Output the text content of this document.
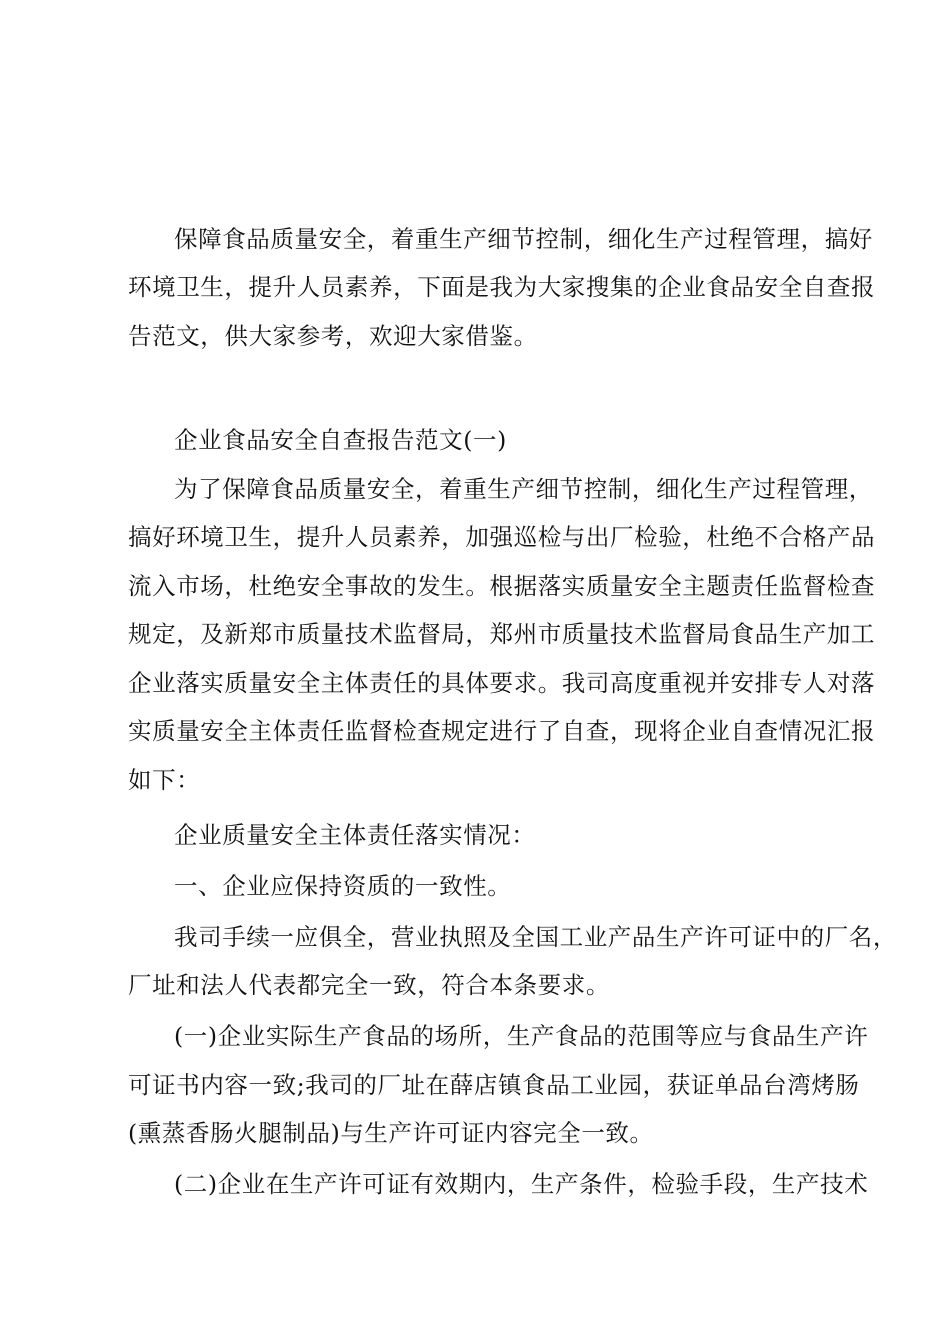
保障食品质量安全，着重生产细节控制，细化生产过程管理，搞好
环境卫生，提升人员素养，下面是我为大家搜集的企业食品安全自查报
告范文，供大家参考，欢迎大家借鉴。
企业食品安全自查报告范文(一)
为了保障食品质量安全，着重生产细节控制，细化生产过程管理，
搞好环境卫生，提升人员素养，加强巡检与出厂检验，杜绝不合格产品
流入市场，杜绝安全事故的发生。根据落实质量安全主题责任监督检查
规定，及新郑市质量技术监督局，郑州市质量技术监督局食品生产加工
企业落实质量安全主体责任的具体要求。我司高度重视并安排专人对落
实质量安全主体责任监督检查规定进行了自查，现将企业自查情况汇报
如下：
企业质量安全主体责任落实情况：
一、企业应保持资质的一致性。
我司手续一应俱全，营业执照及全国工业产品生产许可证中的厂名，
厂址和法人代表都完全一致，符合本条要求。
(一)企业实际生产食品的场所，生产食品的范围等应与食品生产许
可证书内容一致;我司的厂址在薛店镇食品工业园，获证单品台湾烤肠
(熏蒸香肠火腿制品)与生产许可证内容完全一致。
(二)企业在生产许可证有效期内，生产条件，检验手段，生产技术
